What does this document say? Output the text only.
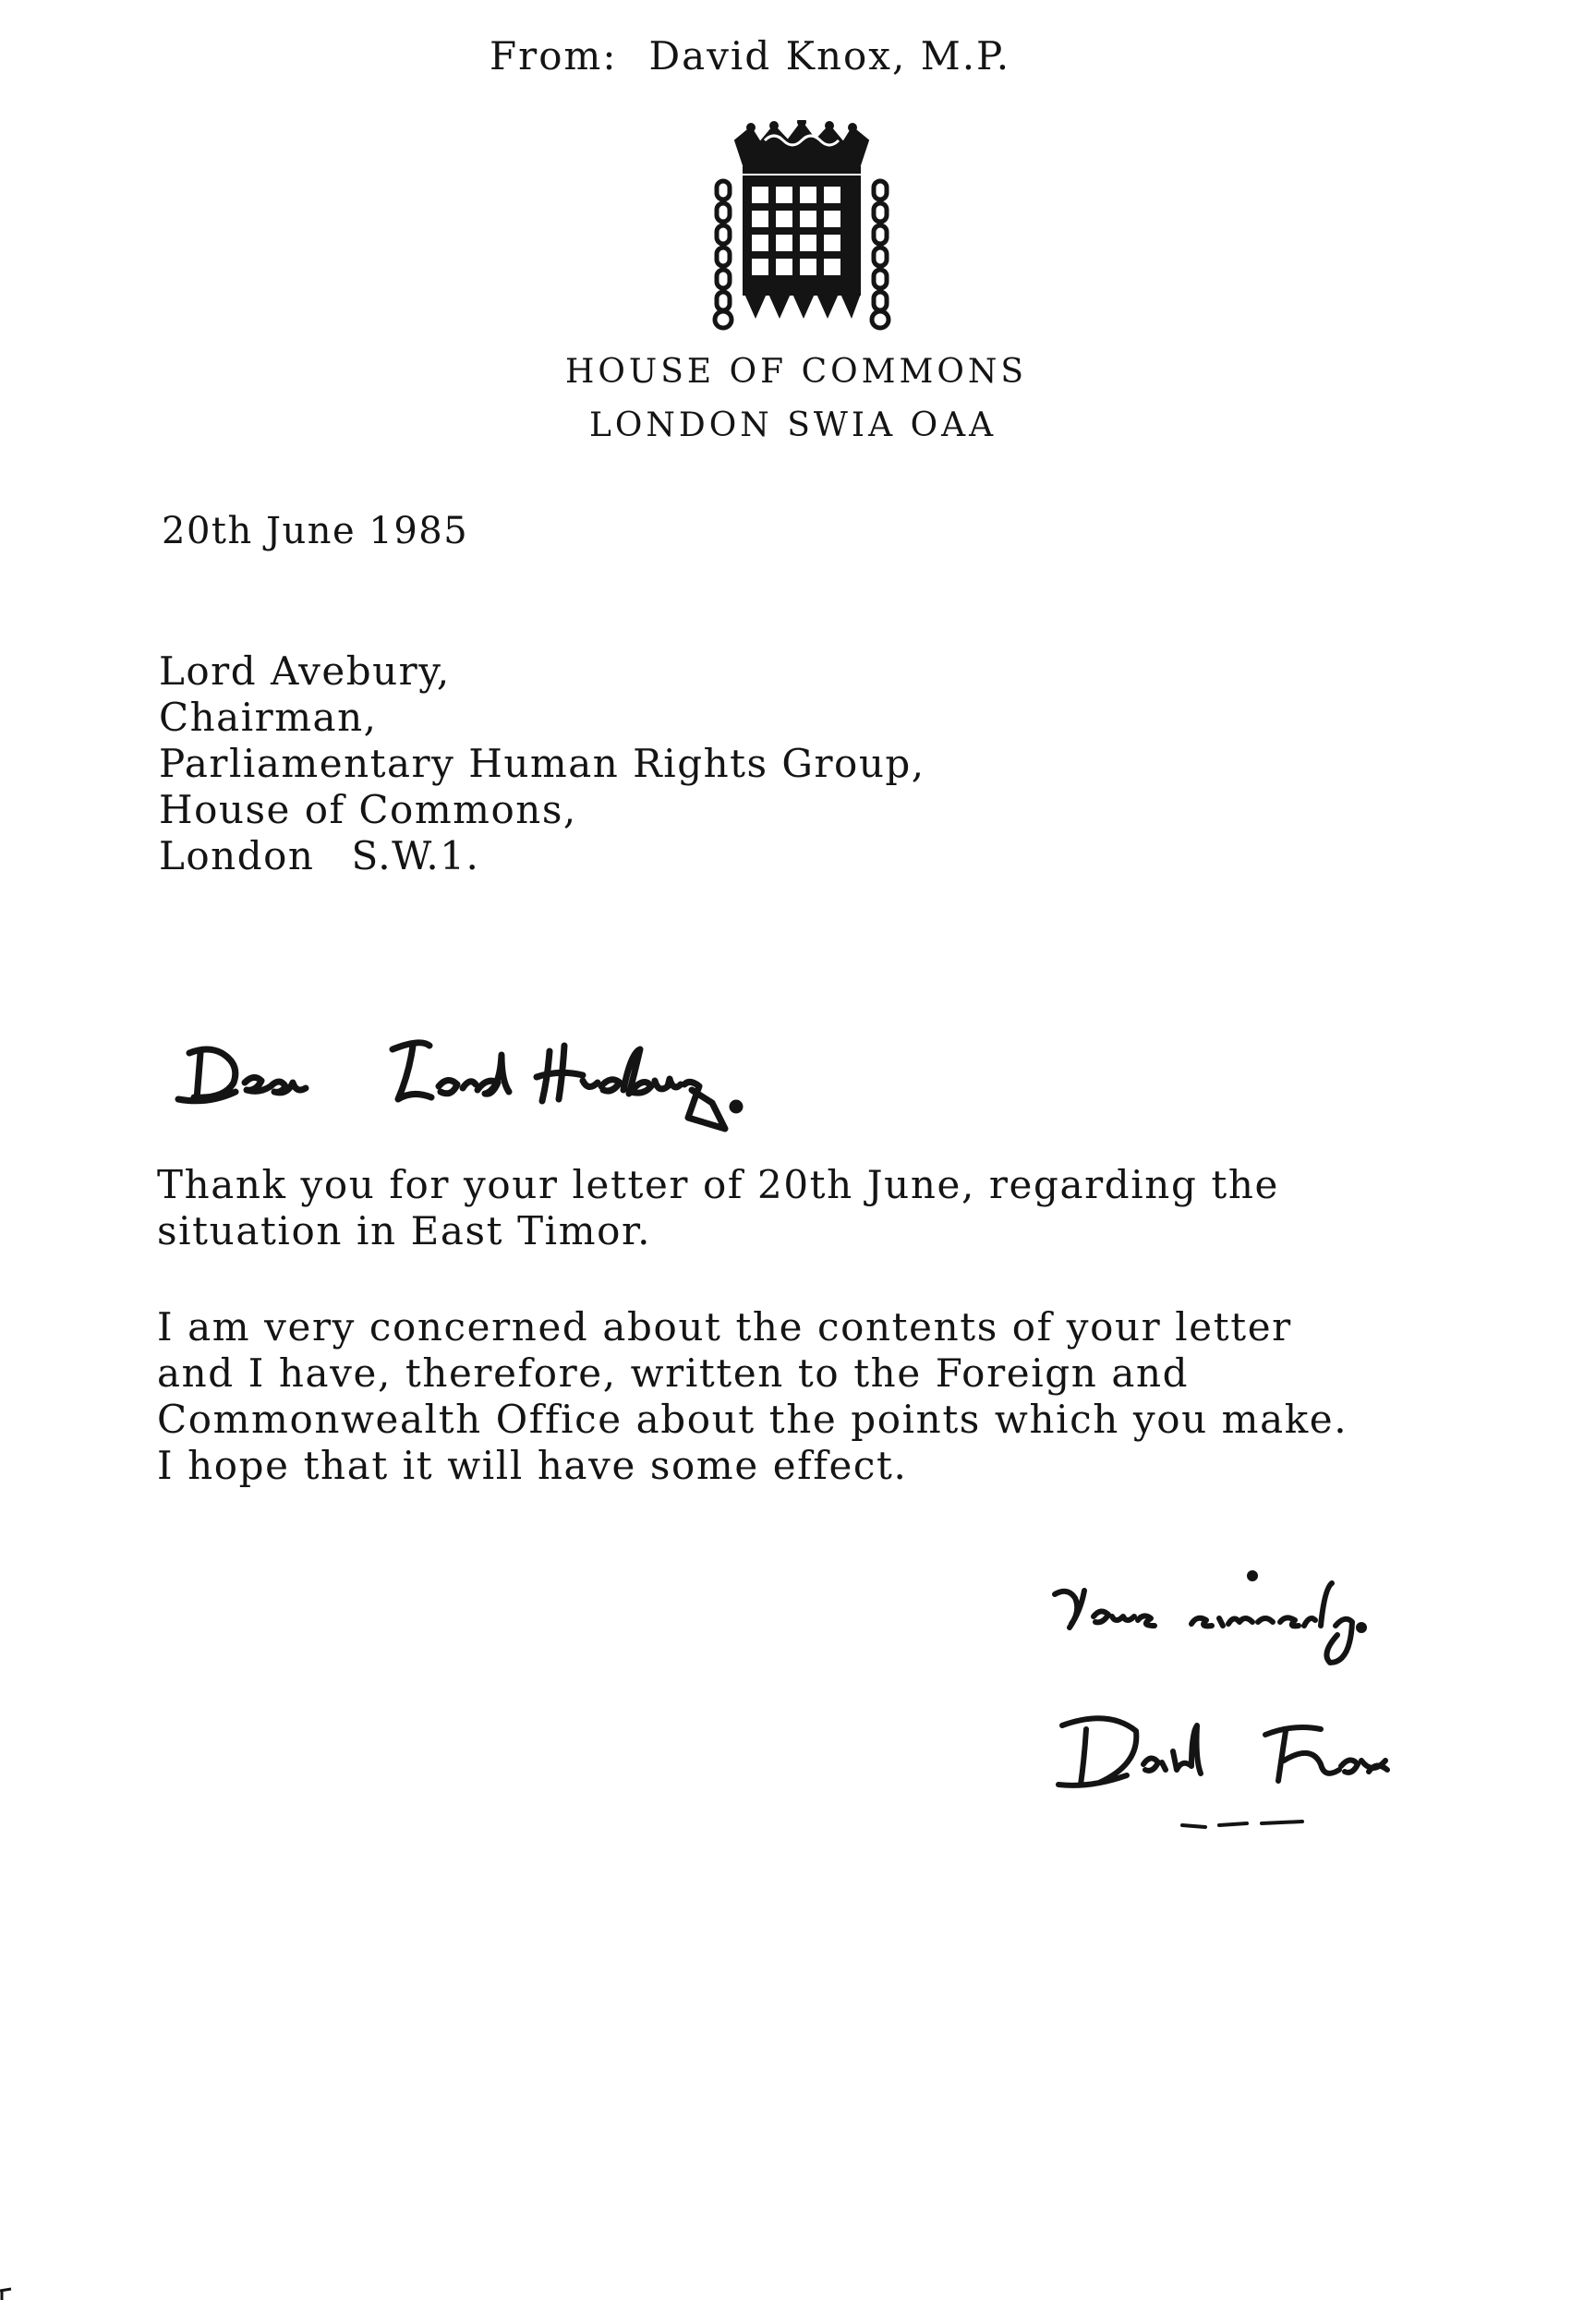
From: David Knox, M.P.
HOUSE OF COMMONS
LONDON SWIA OAA
20th June 1985
Lord Avebury,
Chairman,
Parliamentary Human Rights Group,
House of Commons,
London S.W.1.
Thank you for your letter of 20th June, regarding the
situation in East Timor.
I am very concerned about the contents of your letter
and I have, therefore, written to the Foreign and
Commonwealth Office about the points which you make.
I hope that it will have some effect.
